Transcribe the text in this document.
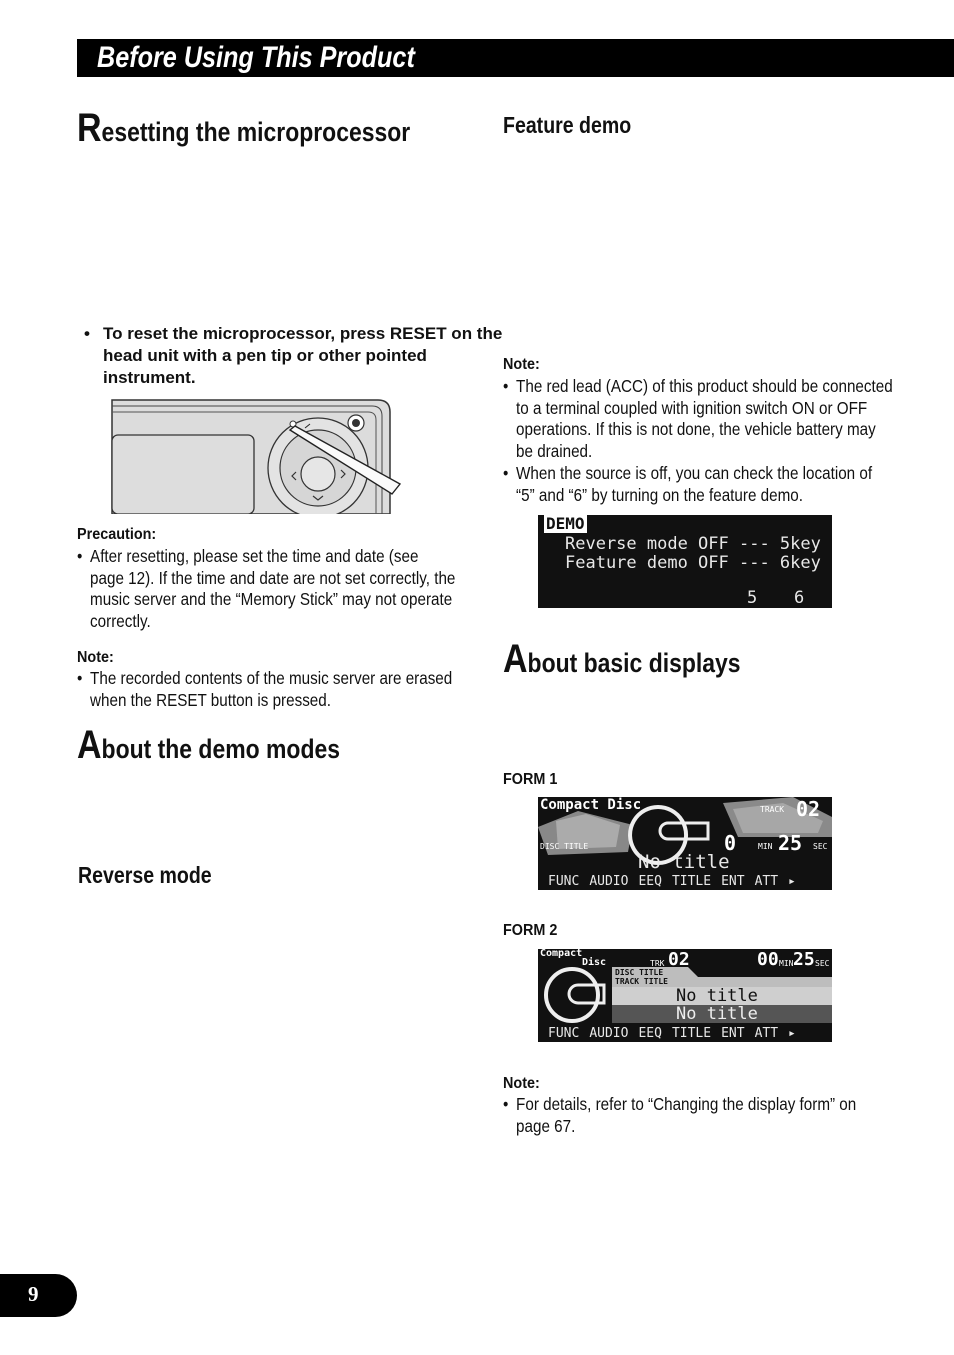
Before Using This Product
Resetting the microprocessor
• To reset the microprocessor, press RESET on the head unit with a pen tip or other pointed instrument.
Precaution:
• After resetting, please set the time and date (see page 12). If the time and date are not set correctly, the music server and the “Memory Stick” may not operate correctly.
Note:
• The recorded contents of the music server are erased when the RESET button is pressed.
About the demo modes
Reverse mode
Feature demo
Note:
• The red lead (ACC) of this product should be connected to a terminal coupled with ignition switch ON or OFF operations. If this is not done, the vehicle battery may be drained.
• When the source is off, you can check the location of “5” and “6” by turning on the feature demo.
DEMO
Reverse mode OFF --- 5key
Feature demo OFF --- 6key
5 6
About basic displays
FORM 1
Compact Disc	TRACK 02
DISC TITLE	0	MIN 25 SEC
No title
FUNC AUDIO EEQ TITLE ENT ATT ▸
FORM 2
Compact
Disc	TRK 02	00 MIN 25 SEC
DISC TITLE
TRACK TITLE
No title
No title
FUNC AUDIO EEQ TITLE ENT ATT ▸
Note:
• For details, refer to “Changing the display form” on page 67.
9
